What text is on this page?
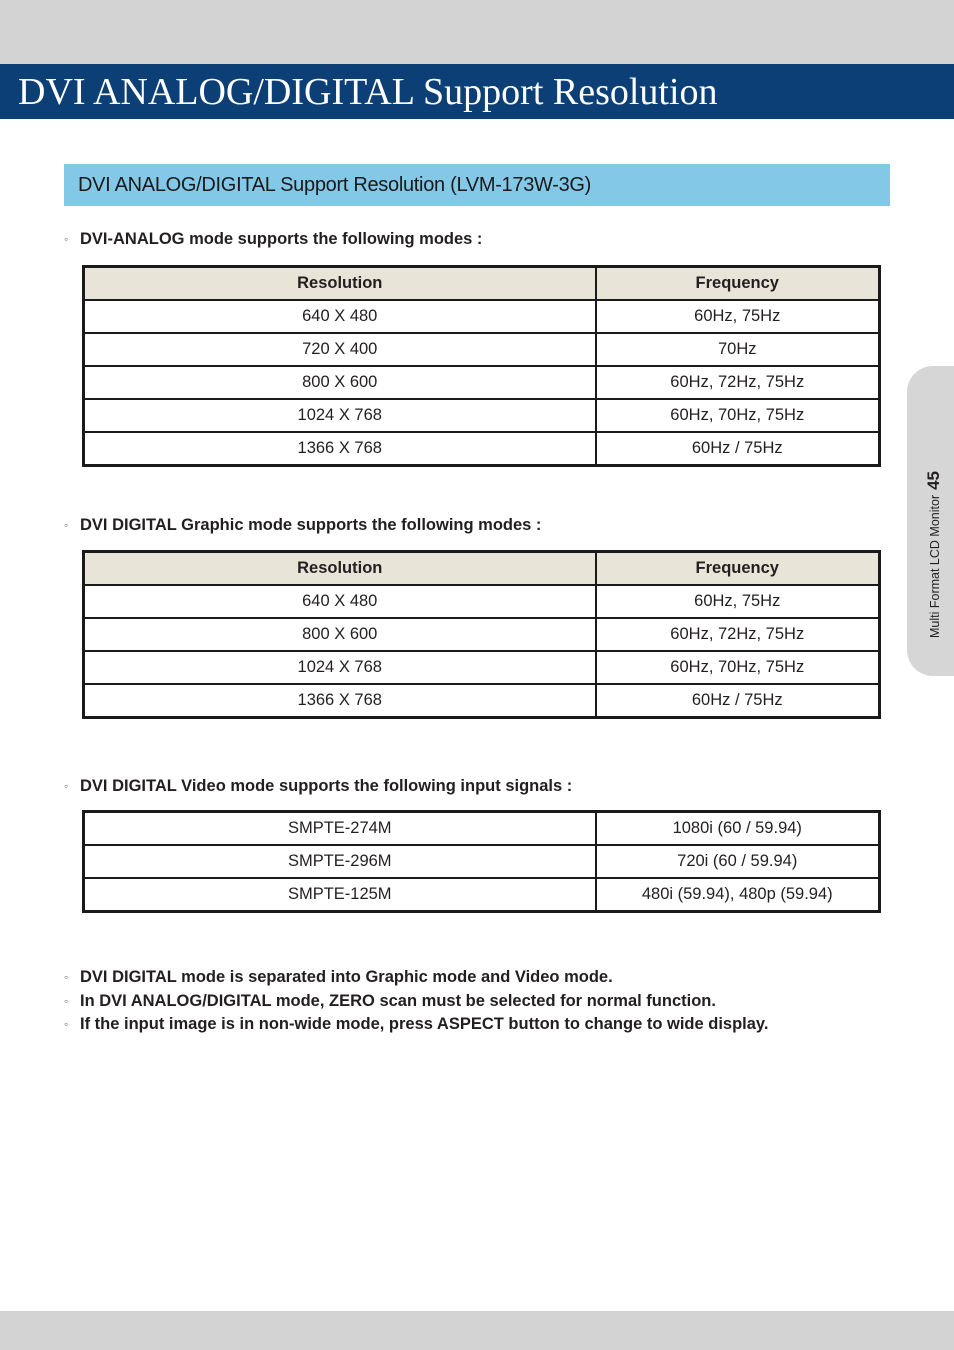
DVI ANALOG/DIGITAL Support Resolution
DVI ANALOG/DIGITAL Support Resolution (LVM-173W-3G)
◦ DVI-ANALOG mode supports the following modes :
Resolution	Frequency
640 X 480	60Hz, 75Hz
720 X 400	70Hz
800 X 600	60Hz, 72Hz, 75Hz
1024 X 768	60Hz, 70Hz, 75Hz
1366 X 768	60Hz / 75Hz
◦ DVI DIGITAL Graphic mode supports the following modes :
Resolution	Frequency
640 X 480	60Hz, 75Hz
800 X 600	60Hz, 72Hz, 75Hz
1024 X 768	60Hz, 70Hz, 75Hz
1366 X 768	60Hz / 75Hz
◦ DVI DIGITAL Video mode supports the following input signals :
SMPTE-274M	1080i (60 / 59.94)
SMPTE-296M	720i (60 / 59.94)
SMPTE-125M	480i (59.94), 480p (59.94)
◦ DVI DIGITAL mode is separated into Graphic mode and Video mode.
◦ In DVI ANALOG/DIGITAL mode, ZERO scan must be selected for normal function.
◦ If the input image is in non-wide mode, press ASPECT button to change to wide display.
Multi Format LCD Monitor45
